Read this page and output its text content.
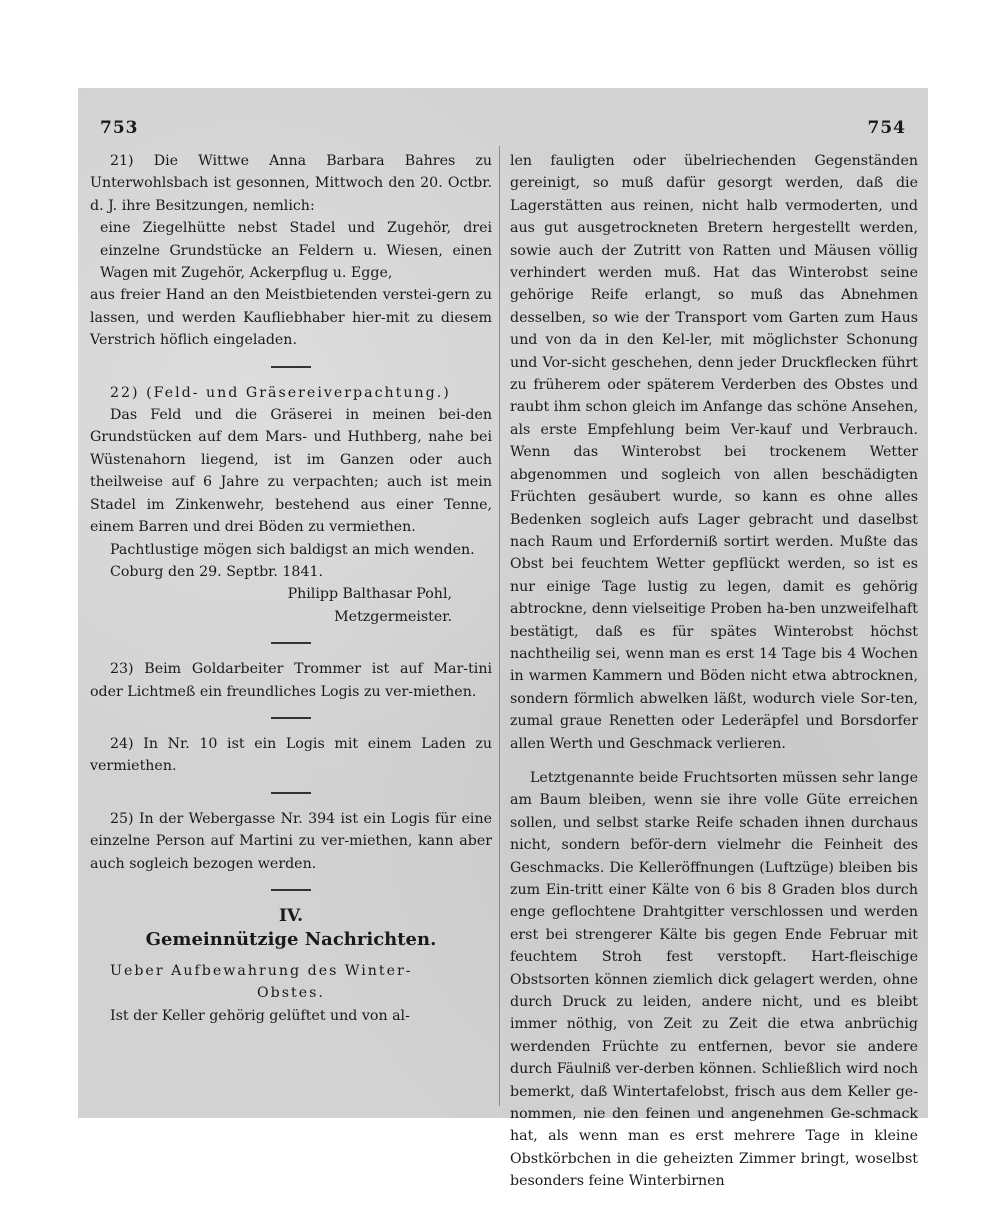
753	754

21) Die Wittwe Anna Barbara Bahres zu Unterwohlsbach ist gesonnen, Mittwoch den 20. Octbr. d. J. ihre Besitzungen, nemlich:

eine Ziegelhütte nebst Stadel und Zugehör, drei einzelne Grundstücke an Feldern u. Wiesen, einen Wagen mit Zugehör, Ackerpflug u. Egge,

aus freier Hand an den Meistbietenden verstei-gern zu lassen, und werden Kaufliebhaber hier-mit zu diesem Verstrich höflich eingeladen.

22) (Feld- und Gräsereiverpachtung.)

Das Feld und die Gräserei in meinen bei-den Grundstücken auf dem Mars- und Huthberg, nahe bei Wüstenahorn liegend, ist im Ganzen oder auch theilweise auf 6 Jahre zu verpachten; auch ist mein Stadel im Zinkenwehr, bestehend aus einer Tenne, einem Barren und drei Böden zu vermiethen.

Pachtlustige mögen sich baldigst an mich wenden.

Coburg den 29. Septbr. 1841.

Philipp Balthasar Pohl,

Metzgermeister.

23) Beim Goldarbeiter Trommer ist auf Mar-tini oder Lichtmeß ein freundliches Logis zu ver-miethen.

24) In Nr. 10 ist ein Logis mit einem Laden zu vermiethen.

25) In der Webergasse Nr. 394 ist ein Logis für eine einzelne Person auf Martini zu ver-miethen, kann aber auch sogleich bezogen werden.

IV.
Gemeinnützige Nachrichten.

Ueber Aufbewahrung des Winter-

Obstes.

Ist der Keller gehörig gelüftet und von al-

len fauligten oder übelriechenden Gegenständen gereinigt, so muß dafür gesorgt werden, daß die Lagerstätten aus reinen, nicht halb vermoderten, und aus gut ausgetrockneten Bretern hergestellt werden, sowie auch der Zutritt von Ratten und Mäusen völlig verhindert werden muß. Hat das Winterobst seine gehörige Reife erlangt, so muß das Abnehmen desselben, so wie der Transport vom Garten zum Haus und von da in den Kel-ler, mit möglichster Schonung und Vor-sicht geschehen, denn jeder Druckflecken führt zu früherem oder späterem Verderben des Obstes und raubt ihm schon gleich im Anfange das schöne Ansehen, als erste Empfehlung beim Ver-kauf und Verbrauch. Wenn das Winterobst bei trockenem Wetter abgenommen und sogleich von allen beschädigten Früchten gesäubert wurde, so kann es ohne alles Bedenken sogleich aufs Lager gebracht und daselbst nach Raum und Erforderniß sortirt werden. Mußte das Obst bei feuchtem Wetter gepflückt werden, so ist es nur einige Tage lustig zu legen, damit es gehörig abtrockne, denn vielseitige Proben ha-ben unzweifelhaft bestätigt, daß es für spätes Winterobst höchst nachtheilig sei, wenn man es erst 14 Tage bis 4 Wochen in warmen Kammern und Böden nicht etwa abtrocknen, sondern förmlich abwelken läßt, wodurch viele Sor-ten, zumal graue Renetten oder Lederäpfel und Borsdorfer allen Werth und Geschmack verlieren.

Letztgenannte beide Fruchtsorten müssen sehr lange am Baum bleiben, wenn sie ihre volle Güte erreichen sollen, und selbst starke Reife schaden ihnen durchaus nicht, sondern beför-dern vielmehr die Feinheit des Geschmacks. Die Kelleröffnungen (Luftzüge) bleiben bis zum Ein-tritt einer Kälte von 6 bis 8 Graden blos durch enge geflochtene Drahtgitter verschlossen und werden erst bei strengerer Kälte bis gegen Ende Februar mit feuchtem Stroh fest verstopft. Hart-fleischige Obstsorten können ziemlich dick gelagert werden, ohne durch Druck zu leiden, andere nicht, und es bleibt immer nöthig, von Zeit zu Zeit die etwa anbrüchig werdenden Früchte zu entfernen, bevor sie andere durch Fäulniß ver-derben können. Schließlich wird noch bemerkt, daß Wintertafelobst, frisch aus dem Keller ge-nommen, nie den feinen und angenehmen Ge-schmack hat, als wenn man es erst mehrere Tage in kleine Obstkörbchen in die geheizten Zimmer bringt, woselbst besonders feine Winterbirnen
